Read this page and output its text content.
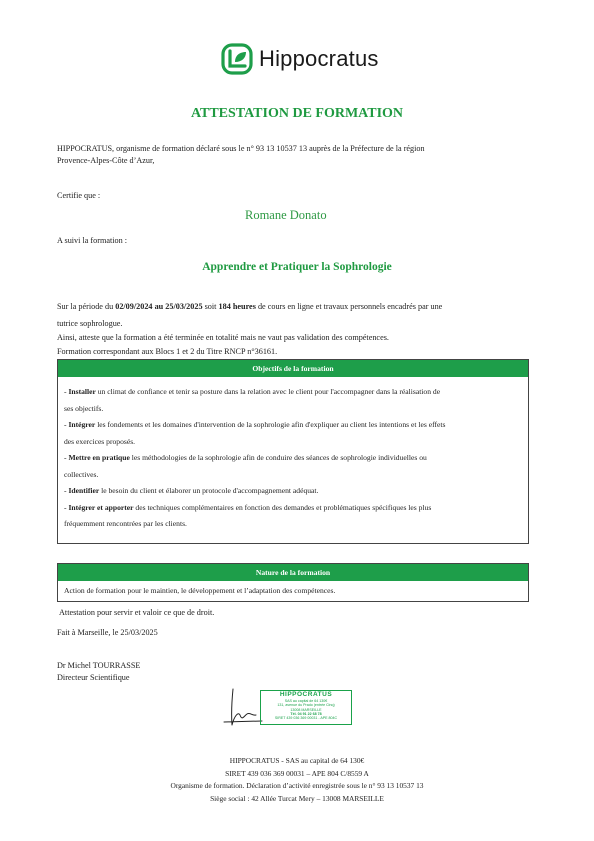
Hippocratus
ATTESTATION DE FORMATION
HIPPOCRATUS, organisme de formation déclaré sous le n° 93 13 10537 13 auprès de la Préfecture de la région
Provence-Alpes-Côte d’Azur,
Certifie que :
Romane Donato
A suivi la formation :
Apprendre et Pratiquer la Sophrologie
Sur la période du 02/09/2024 au 25/03/2025 soit 184 heures de cours en ligne et travaux personnels encadrés par une
tutrice sophrologue.
Ainsi, atteste que la formation a été terminée en totalité mais ne vaut pas validation des compétences.
Formation correspondant aux Blocs 1 et 2 du Titre RNCP n°36161.
Objectifs de la formation
- Installer un climat de confiance et tenir sa posture dans la relation avec le client pour l'accompagner dans la réalisation de
ses objectifs.
- Intégrer les fondements et les domaines d'intervention de la sophrologie afin d'expliquer au client les intentions et les effets
des exercices proposés.
- Mettre en pratique les méthodologies de la sophrologie afin de conduire des séances de sophrologie individuelles ou
collectives.
- Identifier le besoin du client et élaborer un protocole d'accompagnement adéquat.
- Intégrer et apporter des techniques complémentaires en fonction des demandes et problématiques spécifiques les plus
fréquemment rencontrées par les clients.
Nature de la formation
Action de formation pour le maintien, le développement et l’adaptation des compétences.
Attestation pour servir et valoir ce que de droit.
Fait à Marseille, le 25/03/2025
Dr Michel TOURRASSE
Directeur Scientifique
HIPPOCRATUS
SAS au capital de 64 130€
131, avenue du Prado (entrée Cinq)
13008 MARSEILLE
Tél. 04 91 22 68 78
SIRET 439 036 369 00031 - APE 804C
HIPPOCRATUS - SAS au capital de 64 130€
SIRET 439 036 369 00031 – APE 804 C/8559 A
Organisme de formation. Déclaration d’activité enregistrée sous le n° 93 13 10537 13
Siège social : 42 Allée Turcat Mery – 13008 MARSEILLE
